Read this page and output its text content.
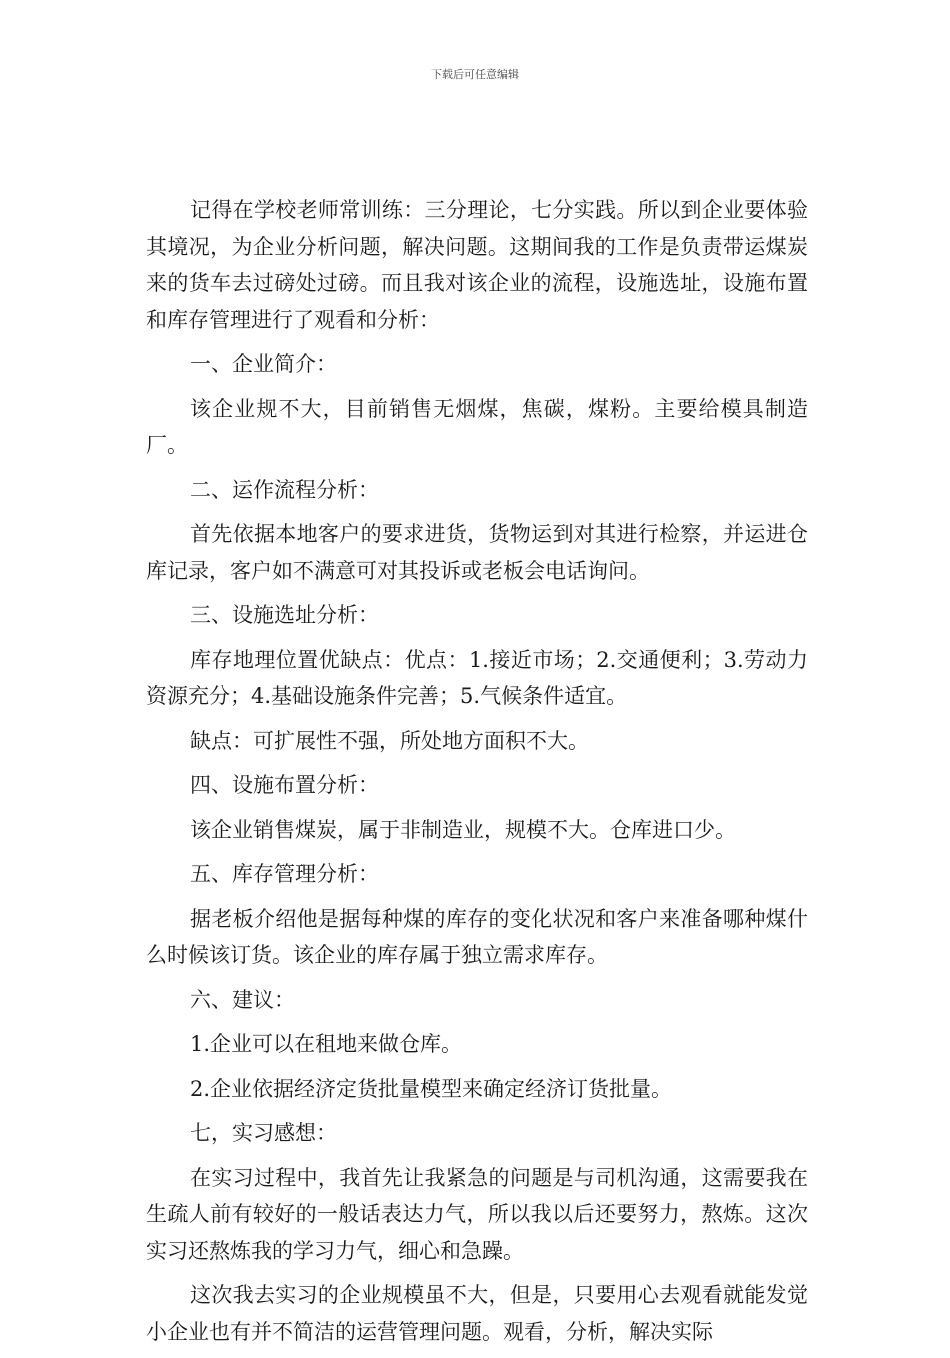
下载后可任意编辑

记得在学校老师常训练：三分理论，七分实践。所以到企业要体验其境况，为企业分析问题，解决问题。这期间我的工作是负责带运煤炭来的货车去过磅处过磅。而且我对该企业的流程，设施选址，设施布置和库存管理进行了观看和分析：

一、企业简介：

该企业规不大，目前销售无烟煤，焦碳，煤粉。主要给模具制造厂。

二、运作流程分析：

首先依据本地客户的要求进货，货物运到对其进行检察，并运进仓库记录，客户如不满意可对其投诉或老板会电话询问。

三、设施选址分析：

库存地理位置优缺点：优点：1.接近市场；2.交通便利；3.劳动力资源充分；4.基础设施条件完善；5.气候条件适宜。

缺点：可扩展性不强，所处地方面积不大。

四、设施布置分析：

该企业销售煤炭，属于非制造业，规模不大。仓库进口少。

五、库存管理分析：

据老板介绍他是据每种煤的库存的变化状况和客户来准备哪种煤什么时候该订货。该企业的库存属于独立需求库存。

六、建议：

1.企业可以在租地来做仓库。

2.企业依据经济定货批量模型来确定经济订货批量。

七，实习感想：

在实习过程中，我首先让我紧急的问题是与司机沟通，这需要我在生疏人前有较好的一般话表达力气，所以我以后还要努力，熬炼。这次实习还熬炼我的学习力气，细心和急躁。

这次我去实习的企业规模虽不大，但是，只要用心去观看就能发觉小企业也有并不简洁的运营管理问题。观看，分析，解决实际
